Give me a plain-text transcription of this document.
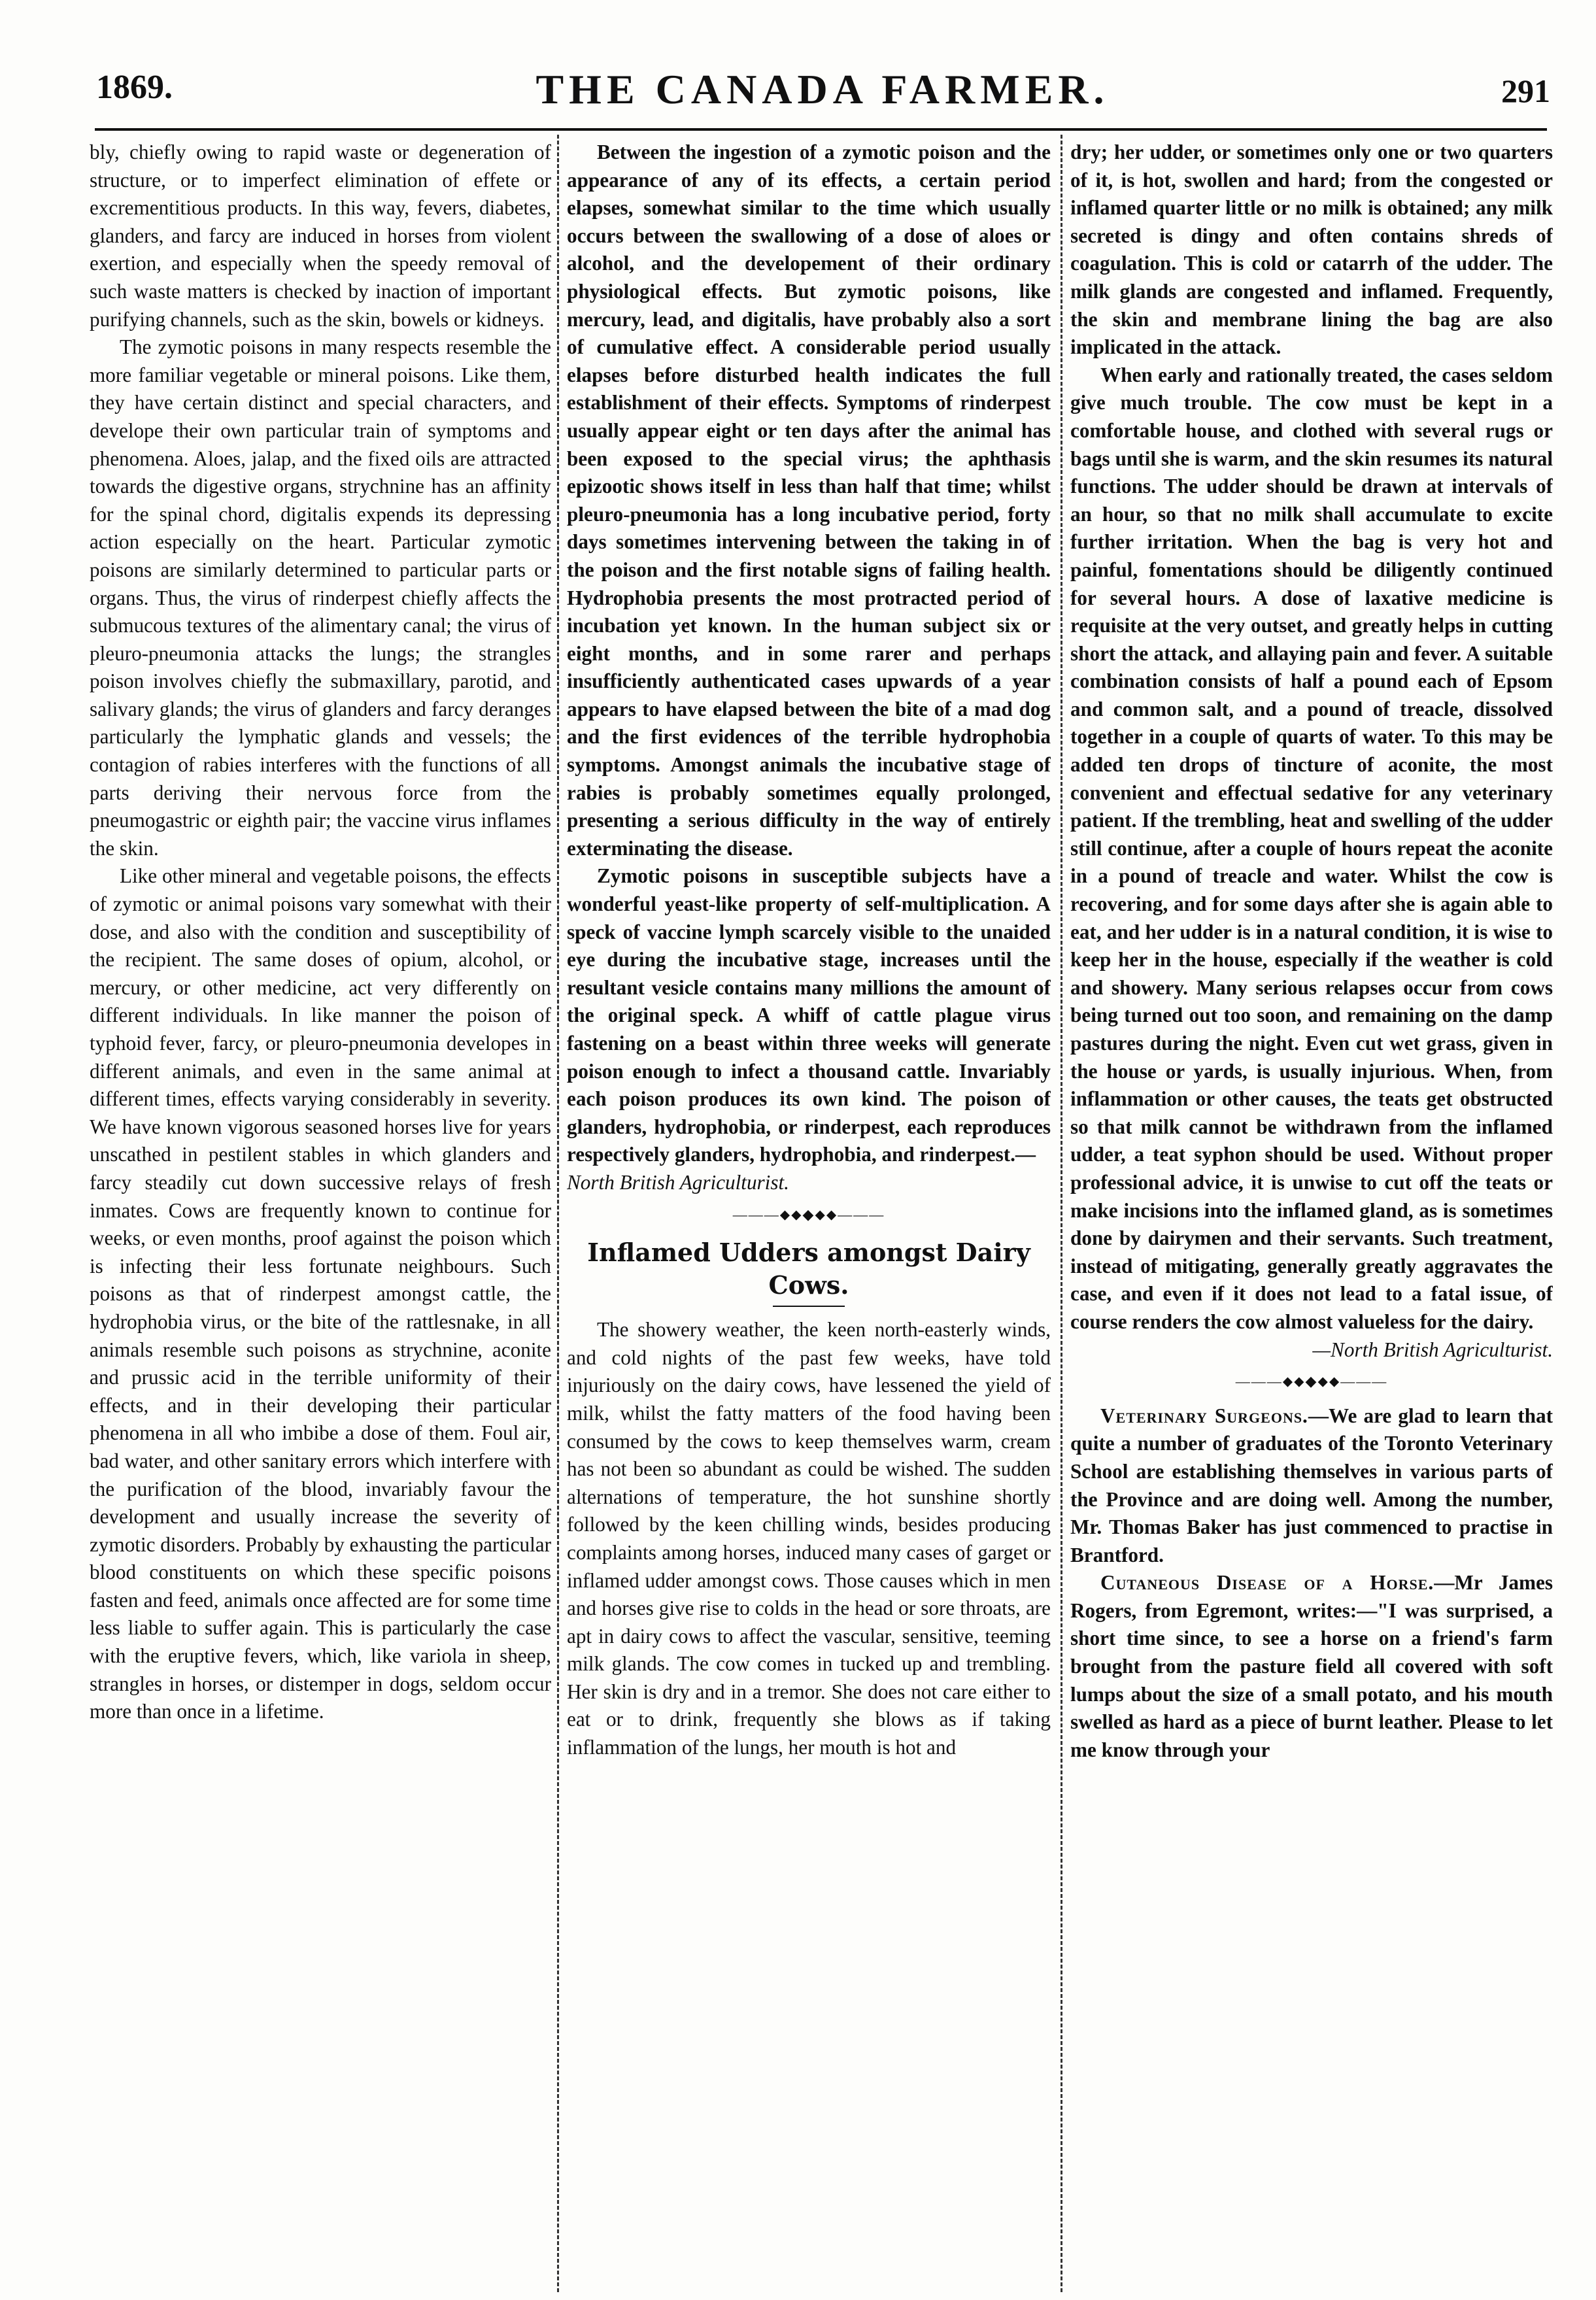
1869.	THE CANADA FARMER.	291

bly, chiefly owing to rapid waste or degeneration of structure, or to imperfect elimination of effete or excrementitious products. In this way, fevers, diabetes, glanders, and farcy are induced in horses from violent exertion, and especially when the speedy removal of such waste matters is checked by inaction of important purifying channels, such as the skin, bowels or kidneys.

The zymotic poisons in many respects resemble the more familiar vegetable or mineral poisons. Like them, they have certain distinct and special characters, and develope their own particular train of symptoms and phenomena. Aloes, jalap, and the fixed oils are attracted towards the digestive organs, strychnine has an affinity for the spinal chord, digitalis expends its depressing action especially on the heart. Particular zymotic poisons are similarly determined to particular parts or organs. Thus, the virus of rinderpest chiefly affects the submucous textures of the alimentary canal; the virus of pleuro-pneumonia attacks the lungs; the strangles poison involves chiefly the submaxillary, parotid, and salivary glands; the virus of glanders and farcy deranges particularly the lymphatic glands and vessels; the contagion of rabies interferes with the functions of all parts deriving their nervous force from the pneumogastric or eighth pair; the vaccine virus inflames the skin.

Like other mineral and vegetable poisons, the effects of zymotic or animal poisons vary somewhat with their dose, and also with the condition and susceptibility of the recipient. The same doses of opium, alcohol, or mercury, or other medicine, act very differently on different individuals. In like manner the poison of typhoid fever, farcy, or pleuro-pneumonia developes in different animals, and even in the same animal at different times, effects varying considerably in severity. We have known vigorous seasoned horses live for years unscathed in pestilent stables in which glanders and farcy steadily cut down successive relays of fresh inmates. Cows are frequently known to continue for weeks, or even months, proof against the poison which is infecting their less fortunate neighbours. Such poisons as that of rinderpest amongst cattle, the hydrophobia virus, or the bite of the rattlesnake, in all animals resemble such poisons as strychnine, aconite and prussic acid in the terrible uniformity of their effects, and in their developing their particular phenomena in all who imbibe a dose of them. Foul air, bad water, and other sanitary errors which interfere with the purification of the blood, invariably favour the development and usually increase the severity of zymotic disorders. Probably by exhausting the particular blood constituents on which these specific poisons fasten and feed, animals once affected are for some time less liable to suffer again. This is particularly the case with the eruptive fevers, which, like variola in sheep, strangles in horses, or distemper in dogs, seldom occur more than once in a lifetime.

Between the ingestion of a zymotic poison and the appearance of any of its effects, a certain period elapses, somewhat similar to the time which usually occurs between the swallowing of a dose of aloes or alcohol, and the developement of their ordinary physiological effects. But zymotic poisons, like mercury, lead, and digitalis, have probably also a sort of cumulative effect. A considerable period usually elapses before disturbed health indicates the full establishment of their effects. Symptoms of rinderpest usually appear eight or ten days after the animal has been exposed to the special virus; the aphthasis epizootic shows itself in less than half that time; whilst pleuro-pneumonia has a long incubative period, forty days sometimes intervening between the taking in of the poison and the first notable signs of failing health. Hydrophobia presents the most protracted period of incubation yet known. In the human subject six or eight months, and in some rarer and perhaps insufficiently authenticated cases upwards of a year appears to have elapsed between the bite of a mad dog and the first evidences of the terrible hydrophobia symptoms. Amongst animals the incubative stage of rabies is probably sometimes equally prolonged, presenting a serious difficulty in the way of entirely exterminating the disease.

Zymotic poisons in susceptible subjects have a wonderful yeast-like property of self-multiplication. A speck of vaccine lymph scarcely visible to the unaided eye during the incubative stage, increases until the resultant vesicle contains many millions the amount of the original speck. A whiff of cattle plague virus fastening on a beast within three weeks will generate poison enough to infect a thousand cattle. Invariably each poison produces its own kind. The poison of glanders, hydrophobia, or rinderpest, each reproduces respectively glanders, hydrophobia, and rinderpest.—

North British Agriculturist.

———⬥⬥◆⬥⬥———
Inflamed Udders amongst Dairy Cows.

The showery weather, the keen north-easterly winds, and cold nights of the past few weeks, have told injuriously on the dairy cows, have lessened the yield of milk, whilst the fatty matters of the food having been consumed by the cows to keep themselves warm, cream has not been so abundant as could be wished. The sudden alternations of temperature, the hot sunshine shortly followed by the keen chilling winds, besides producing complaints among horses, induced many cases of garget or inflamed udder amongst cows. Those causes which in men and horses give rise to colds in the head or sore throats, are apt in dairy cows to affect the vascular, sensitive, teeming milk glands. The cow comes in tucked up and trembling. Her skin is dry and in a tremor. She does not care either to eat or to drink, frequently she blows as if taking inflammation of the lungs, her mouth is hot and

dry; her udder, or sometimes only one or two quarters of it, is hot, swollen and hard; from the congested or inflamed quarter little or no milk is obtained; any milk secreted is dingy and often contains shreds of coagulation. This is cold or catarrh of the udder. The milk glands are congested and inflamed. Frequently, the skin and membrane lining the bag are also implicated in the attack.

When early and rationally treated, the cases seldom give much trouble. The cow must be kept in a comfortable house, and clothed with several rugs or bags until she is warm, and the skin resumes its natural functions. The udder should be drawn at intervals of an hour, so that no milk shall accumulate to excite further irritation. When the bag is very hot and painful, fomentations should be diligently continued for several hours. A dose of laxative medicine is requisite at the very outset, and greatly helps in cutting short the attack, and allaying pain and fever. A suitable combination consists of half a pound each of Epsom and common salt, and a pound of treacle, dissolved together in a couple of quarts of water. To this may be added ten drops of tincture of aconite, the most convenient and effectual sedative for any veterinary patient. If the trembling, heat and swelling of the udder still continue, after a couple of hours repeat the aconite in a pound of treacle and water. Whilst the cow is recovering, and for some days after she is again able to eat, and her udder is in a natural condition, it is wise to keep her in the house, especially if the weather is cold and showery. Many serious relapses occur from cows being turned out too soon, and remaining on the damp pastures during the night. Even cut wet grass, given in the house or yards, is usually injurious. When, from inflammation or other causes, the teats get obstructed so that milk cannot be withdrawn from the inflamed udder, a teat syphon should be used. Without proper professional advice, it is unwise to cut off the teats or make incisions into the inflamed gland, as is sometimes done by dairymen and their servants. Such treatment, instead of mitigating, generally greatly aggravates the case, and even if it does not lead to a fatal issue, of course renders the cow almost valueless for the dairy.

—North British Agriculturist.

———⬥⬥◆⬥⬥———

Veterinary Surgeons.—We are glad to learn that quite a number of graduates of the Toronto Veterinary School are establishing themselves in various parts of the Province and are doing well. Among the number, Mr. Thomas Baker has just commenced to practise in Brantford.

Cutaneous Disease of a Horse.—Mr James Rogers, from Egremont, writes:—"I was surprised, a short time since, to see a horse on a friend's farm brought from the pasture field all covered with soft lumps about the size of a small potato, and his mouth swelled as hard as a piece of burnt leather. Please to let me know through your
